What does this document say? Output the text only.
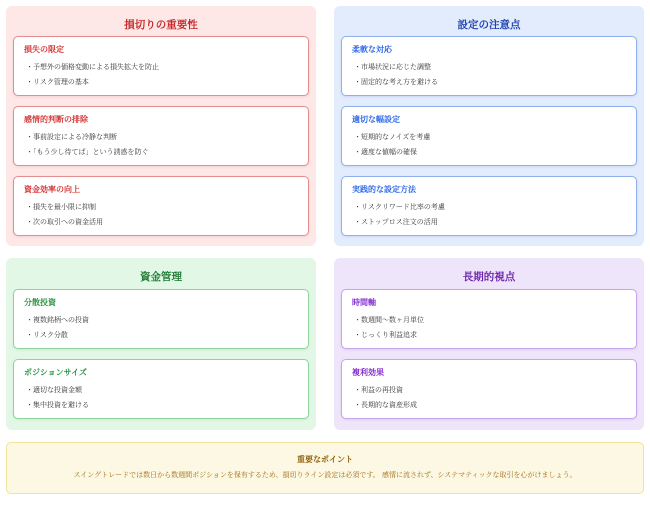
損切りの重要性
損失の限定
・予想外の価格変動による損失拡大を防止
・リスク管理の基本
感情的判断の排除
・事前設定による冷静な判断
・「もう少し待てば」という誘惑を防ぐ
資金効率の向上
・損失を最小限に抑制
・次の取引への資金活用
設定の注意点
柔軟な対応
・市場状況に応じた調整
・固定的な考え方を避ける
適切な幅設定
・短期的なノイズを考慮
・適度な値幅の確保
実践的な設定方法
・リスクリワード比率の考慮
・ストップロス注文の活用
資金管理
分散投資
・複数銘柄への投資
・リスク分散
ポジションサイズ
・適切な投資金額
・集中投資を避ける
長期的視点
時間軸
・数週間～数ヶ月単位
・じっくり利益追求
複利効果
・利益の再投資
・長期的な資産形成
重要なポイント
スイングトレードでは数日から数週間ポジションを保有するため、損切りライン設定は必須です。 感情に流されず、システマティックな取引を心がけましょう。
